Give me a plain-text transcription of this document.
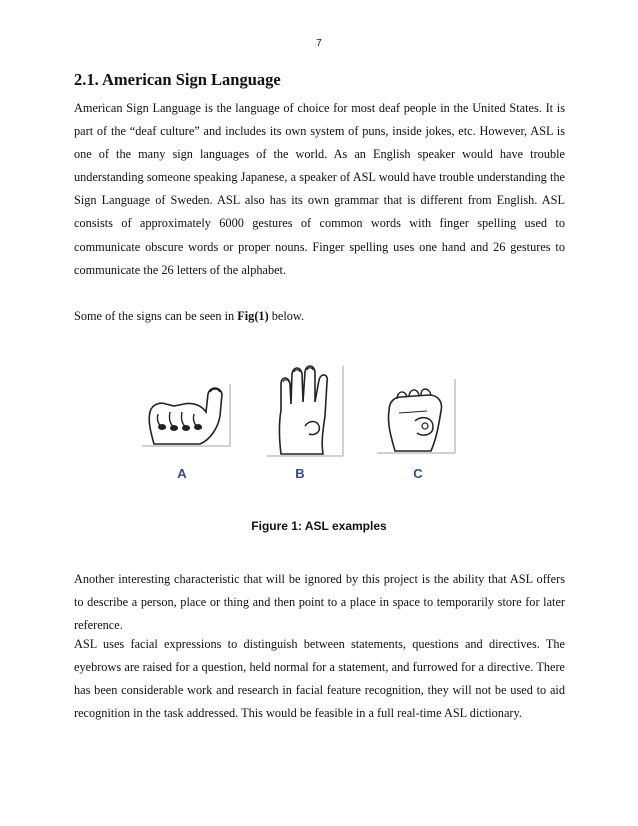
7
2.1. American Sign Language

American Sign Language is the language of choice for most deaf people in the United States. It is part of the “deaf culture” and includes its own system of puns, inside jokes, etc. However, ASL is one of the many sign languages of the world. As an English speaker would have trouble understanding someone speaking Japanese, a speaker of ASL would have trouble understanding the Sign Language of Sweden. ASL also has its own grammar that is different from English. ASL consists of approximately 6000 gestures of common words with finger spelling used to communicate obscure words or proper nouns. Finger spelling uses one hand and 26 gestures to communicate the 26 letters of the alphabet.

Some of the signs can be seen in Fig(1) below.

A	B	C

Figure 1: ASL examples

Another interesting characteristic that will be ignored by this project is the ability that ASL offers to describe a person, place or thing and then point to a place in space to temporarily store for later reference.

ASL uses facial expressions to distinguish between statements, questions and directives. The eyebrows are raised for a question, held normal for a statement, and furrowed for a directive. There has been considerable work and research in facial feature recognition, they will not be used to aid recognition in the task addressed. This would be feasible in a full real-time ASL dictionary.
